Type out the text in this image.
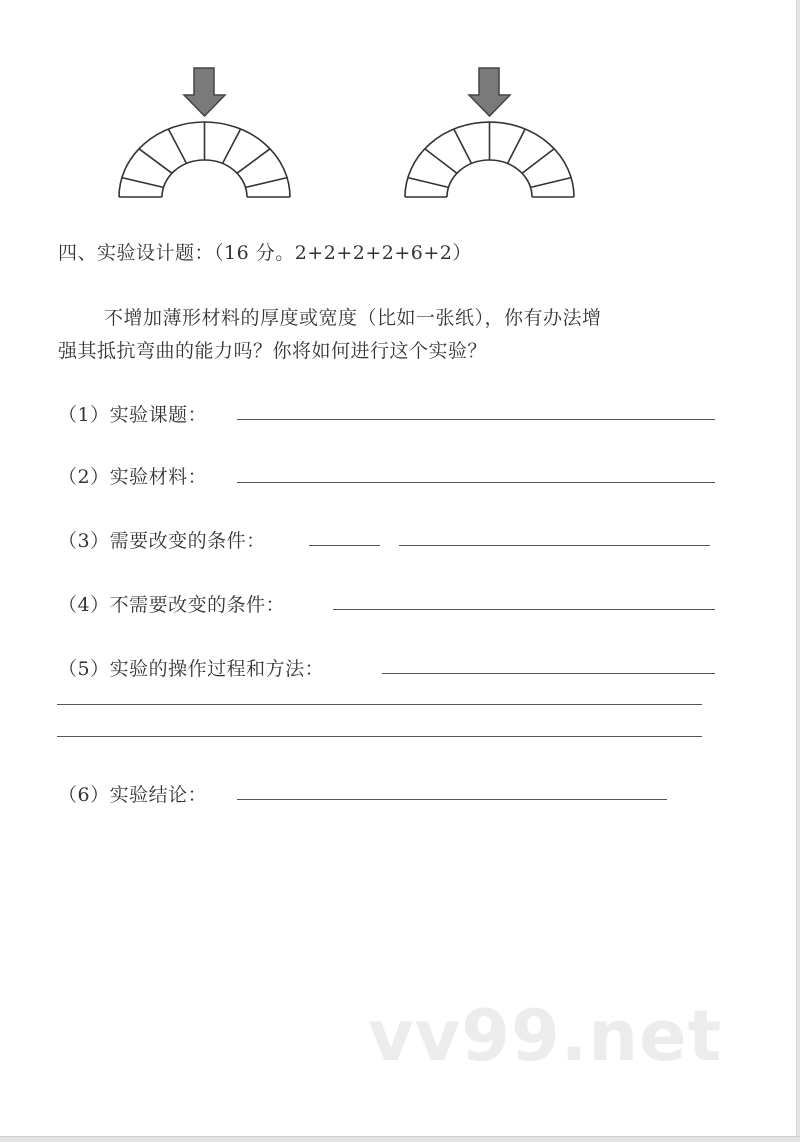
四、实验设计题：（16 分。2+2+2+2+6+2）
不增加薄形材料的厚度或宽度（比如一张纸），你有办法增
强其抵抗弯曲的能力吗？你将如何进行这个实验？
（1）实验课题：
（2）实验材料：
（3）需要改变的条件：
（4）不需要改变的条件：
（5）实验的操作过程和方法：
（6）实验结论：
vv99.net
